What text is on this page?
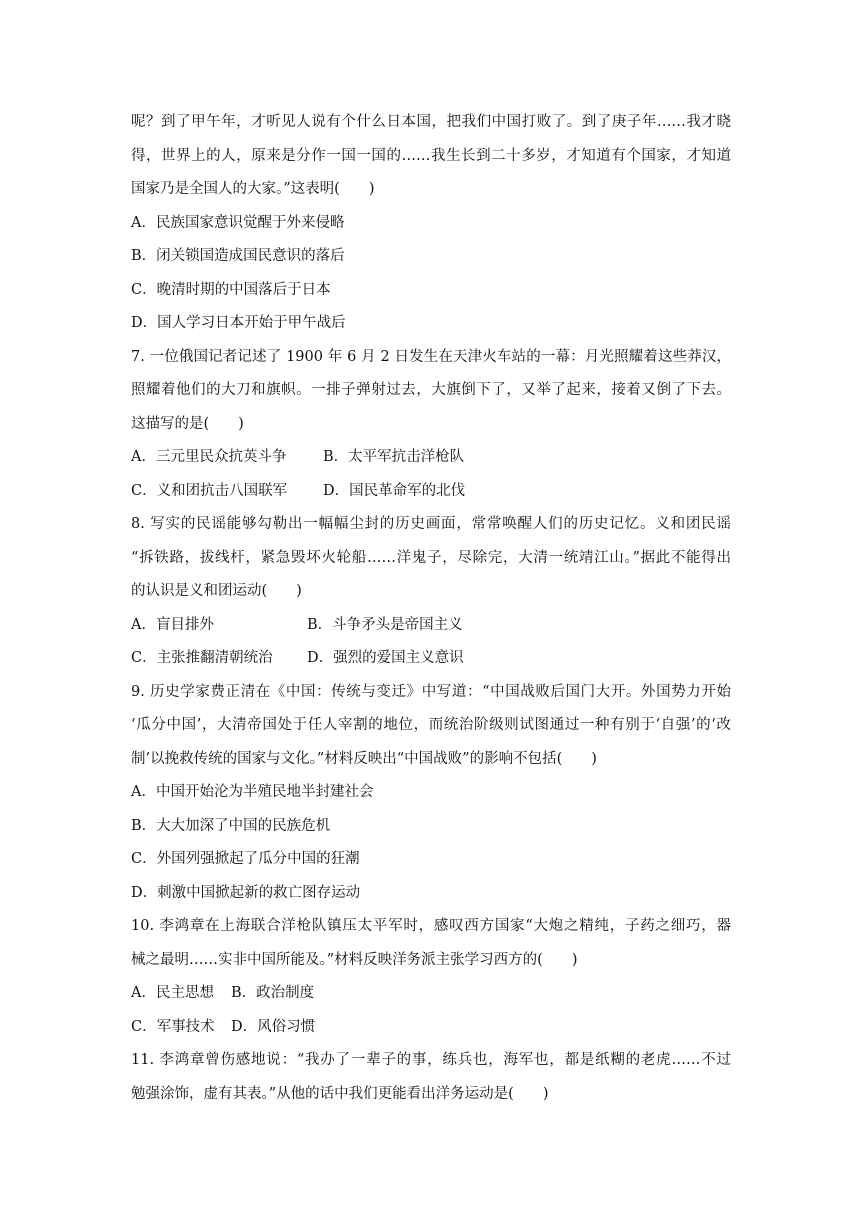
呢？到了甲午年，才听见人说有个什么日本国，把我们中国打败了。到了庚子年……我才晓
得，世界上的人，原来是分作一国一国的……我生长到二十多岁，才知道有个国家，才知道
国家乃是全国人的大家。”这表明(　　)
A．民族国家意识觉醒于外来侵略
B．闭关锁国造成国民意识的落后
C．晚清时期的中国落后于日本
D．国人学习日本开始于甲午战后
7. 一位俄国记者记述了 1900 年 6 月 2 日发生在天津火车站的一幕：月光照耀着这些莽汉，
照耀着他们的大刀和旗帜。一排子弹射过去，大旗倒下了，又举了起来，接着又倒了下去。
这描写的是(　　)
A．三元里民众抗英斗争	B．太平军抗击洋枪队
C．义和团抗击八国联军 D．国民革命军的北伐
8. 写实的民谣能够勾勒出一幅幅尘封的历史画面，常常唤醒人们的历史记忆。义和团民谣
“拆铁路，拔线杆，紧急毁坏火轮船……洋鬼子，尽除完，大清一统靖江山。”据此不能得出
的认识是义和团运动(　　)
A．盲目排外	B．斗争矛头是帝国主义
C．主张推翻清朝统治 D．强烈的爱国主义意识
9. 历史学家费正清在《中国：传统与变迁》中写道：“中国战败后国门大开。外国势力开始
‘瓜分中国’，大清帝国处于任人宰割的地位，而统治阶级则试图通过一种有别于‘自强’的‘改
制’以挽救传统的国家与文化。”材料反映出“中国战败”的影响不包括(　　)
A．中国开始沦为半殖民地半封建社会
B．大大加深了中国的民族危机
C．外国列强掀起了瓜分中国的狂潮
D．刺激中国掀起新的救亡图存运动
10. 李鸿章在上海联合洋枪队镇压太平军时，感叹西方国家“大炮之精纯，子药之细巧，器
械之最明……实非中国所能及。”材料反映洋务派主张学习西方的(　　)
A．民主思想 B．政治制度
C．军事技术 D．风俗习惯
11. 李鸿章曾伤感地说：“我办了一辈子的事，练兵也，海军也，都是纸糊的老虎……不过
勉强涂饰，虚有其表。”从他的话中我们更能看出洋务运动是(　　)
